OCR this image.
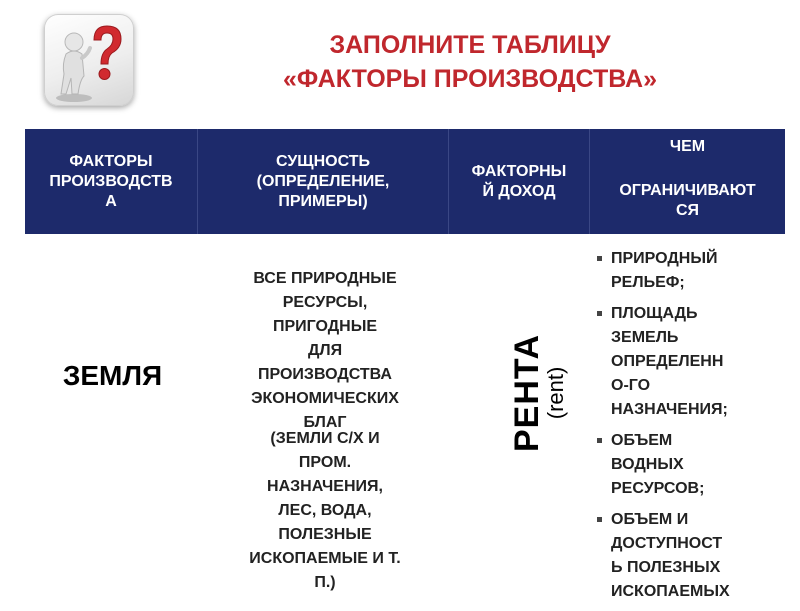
ЗАПОЛНИТЕ ТАБЛИЦУ
«ФАКТОРЫ ПРОИЗВОДСТВА»
ФАКТОРЫ
ПРОИЗВОДСТВ
А
СУЩНОСТЬ
(ОПРЕДЕЛЕНИЕ,
ПРИМЕРЫ)
ФАКТОРНЫ
Й ДОХОД
ЧЕМ
ОГРАНИЧИВАЮТ
СЯ
ЗЕМЛЯ
ВСЕ ПРИРОДНЫЕ
РЕСУРСЫ,
ПРИГОДНЫЕ
ДЛЯ
ПРОИЗВОДСТВА
ЭКОНОМИЧЕСКИХ
БЛАГ
(ЗЕМЛИ С/Х И
ПРОМ.
НАЗНАЧЕНИЯ,
ЛЕС, ВОДА,
ПОЛЕЗНЫЕ
ИСКОПАЕМЫЕ И Т.
П.)
РЕНТА
(rent)
ПРИРОДНЫЙ
РЕЛЬЕФ;
ПЛОЩАДЬ
ЗЕМЕЛЬ
ОПРЕДЕЛЕНН
О-ГО
НАЗНАЧЕНИЯ;
ОБЪЕМ
ВОДНЫХ
РЕСУРСОВ;
ОБЪЕМ И
ДОСТУПНОСТ
Ь ПОЛЕЗНЫХ
ИСКОПАЕМЫХ
